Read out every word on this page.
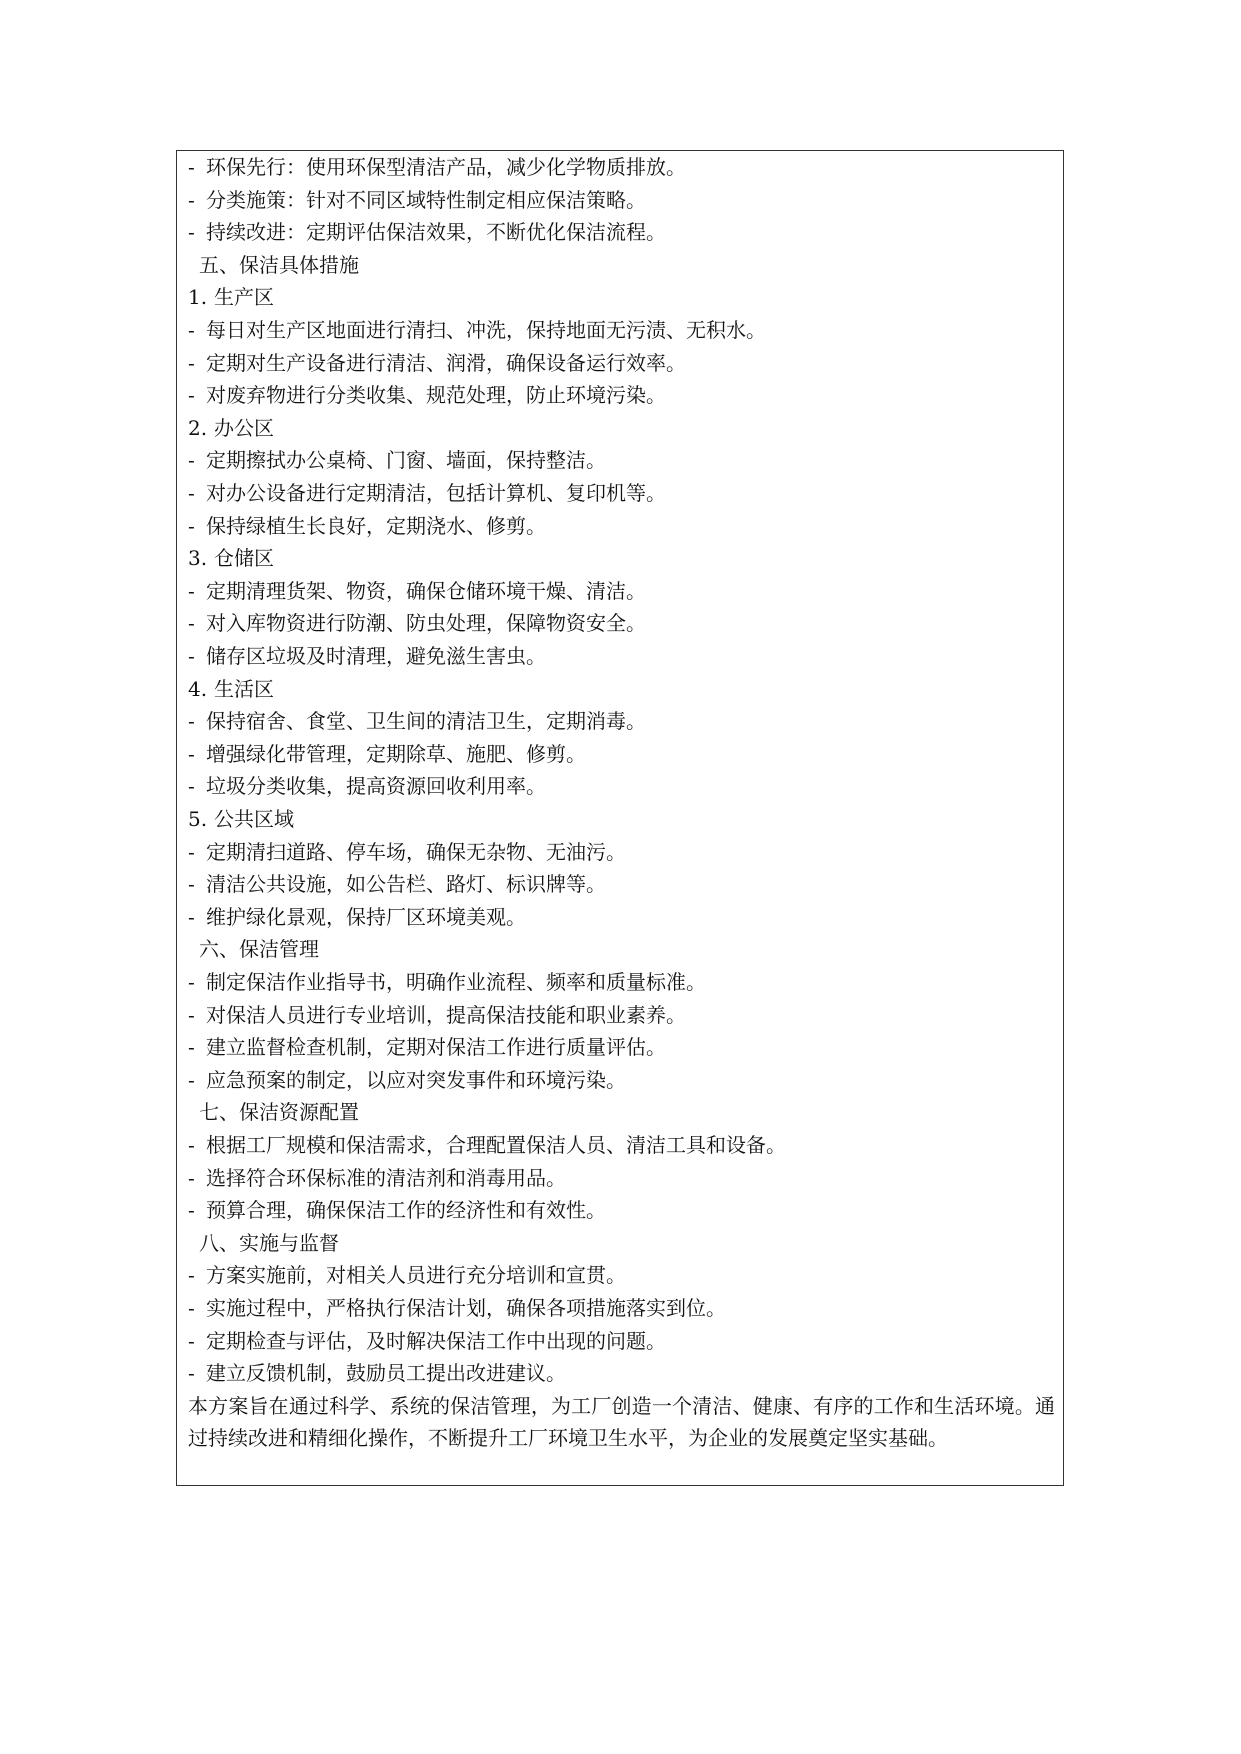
- 环保先行：使用环保型清洁产品，减少化学物质排放。
- 分类施策：针对不同区域特性制定相应保洁策略。
- 持续改进：定期评估保洁效果，不断优化保洁流程。
五、保洁具体措施
1. 生产区
- 每日对生产区地面进行清扫、冲洗，保持地面无污渍、无积水。
- 定期对生产设备进行清洁、润滑，确保设备运行效率。
- 对废弃物进行分类收集、规范处理，防止环境污染。
2. 办公区
- 定期擦拭办公桌椅、门窗、墙面，保持整洁。
- 对办公设备进行定期清洁，包括计算机、复印机等。
- 保持绿植生长良好，定期浇水、修剪。
3. 仓储区
- 定期清理货架、物资，确保仓储环境干燥、清洁。
- 对入库物资进行防潮、防虫处理，保障物资安全。
- 储存区垃圾及时清理，避免滋生害虫。
4. 生活区
- 保持宿舍、食堂、卫生间的清洁卫生，定期消毒。
- 增强绿化带管理，定期除草、施肥、修剪。
- 垃圾分类收集，提高资源回收利用率。
5. 公共区域
- 定期清扫道路、停车场，确保无杂物、无油污。
- 清洁公共设施，如公告栏、路灯、标识牌等。
- 维护绿化景观，保持厂区环境美观。
六、保洁管理
- 制定保洁作业指导书，明确作业流程、频率和质量标准。
- 对保洁人员进行专业培训，提高保洁技能和职业素养。
- 建立监督检查机制，定期对保洁工作进行质量评估。
- 应急预案的制定，以应对突发事件和环境污染。
七、保洁资源配置
- 根据工厂规模和保洁需求，合理配置保洁人员、清洁工具和设备。
- 选择符合环保标准的清洁剂和消毒用品。
- 预算合理，确保保洁工作的经济性和有效性。
八、实施与监督
- 方案实施前，对相关人员进行充分培训和宣贯。
- 实施过程中，严格执行保洁计划，确保各项措施落实到位。
- 定期检查与评估，及时解决保洁工作中出现的问题。
- 建立反馈机制，鼓励员工提出改进建议。
本方案旨在通过科学、系统的保洁管理，为工厂创造一个清洁、健康、有序的工作和生活环境。通过持续改进和精细化操作，不断提升工厂环境卫生水平，为企业的发展奠定坚实基础。
